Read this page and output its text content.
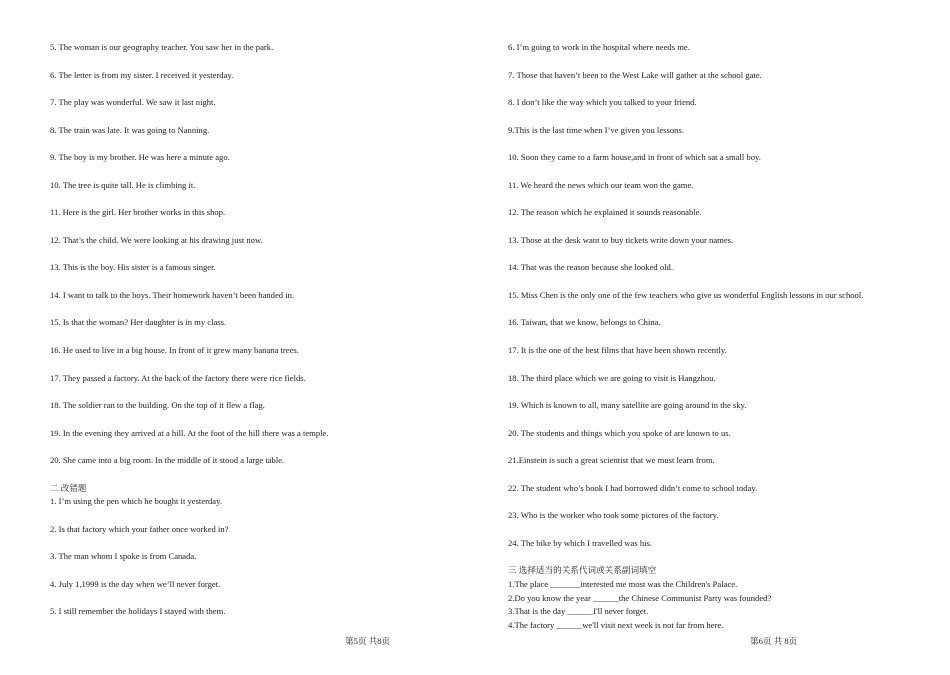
5. The woman is our geography teacher. You saw her in the park.
6. The letter is from my sister. I received it yesterday.
7. The play was wonderful. We saw it last night.
8. The train was late. It was going to Nanning.
9. The boy is my brother. He was here a minute ago.
10. The tree is quite tall. He is climbing it.
11. Here is the girl. Her brother works in this shop.
12. That’s the child. We were looking at his drawing just now.
13. This is the boy. His sister is a famous singer.
14. I want to talk to the boys. Their homework haven’t been handed in.
15. Is that the woman? Her daughter is in my class.
16. He used to live in a big house. In front of it grew many banana trees.
17. They passed a factory. At the back of the factory there were rice fields.
18. The soldier ran to the building. On the top of it flew a flag.
19. In the evening they arrived at a hill. At the foot of the hill there was a temple.
20. She came into a big room. In the middle of it stood a large table.
二 改错题
1. I’m using the pen which he bought it yesterday.
2. Is that factory which your father once worked in?
3. The man whom I spoke is from Canada.
4. July 1,1999 is the day when we’ll never forget.
5. I still remember the holidays I stayed with them.
6. I’m going to work in the hospital where needs me.
7. Those that haven’t been to the West Lake will gather at the school gate.
8. I don’t like the way which you talked to your friend.
9.This is the last time when I’ve given you lessons.
10. Soon they came to a farm house,and in front of which sat a small boy.
11. We heard the news which our team won the game.
12. The reason which he explained it sounds reasonable.
13. Those at the desk want to buy tickets write down your names.
14. That was the reason because she looked old.
15. Miss Chen is the only one of the few teachers who give us wonderful English lessons in our school.
16. Taiwan, that we know, belongs to China.
17. It is the one of the best films that have been shown recently.
18. The third place which we are going to visit is Hangzhou.
19. Which is known to all, many satellite are going around in the sky.
20. The students and things which you spoke of are known to us.
21.Einstein is such a great scientist that we must learn from.
22. The student who’s book I had borrowed didn’t come to school today.
23. Who is the worker who took some pictures of the factory.
24. The bike by which I travelled was his.
三 选择适当的关系代词或关系副词填空
1.The place _______interested me most was the Children's Palace.
2.Do you know the year ______the Chinese Communist Party was founded?
3.That is the day ______I'll never forget.
4.The factory ______we'll visit next week is not far from here.
第5页 共8页	第6页 共 8页
